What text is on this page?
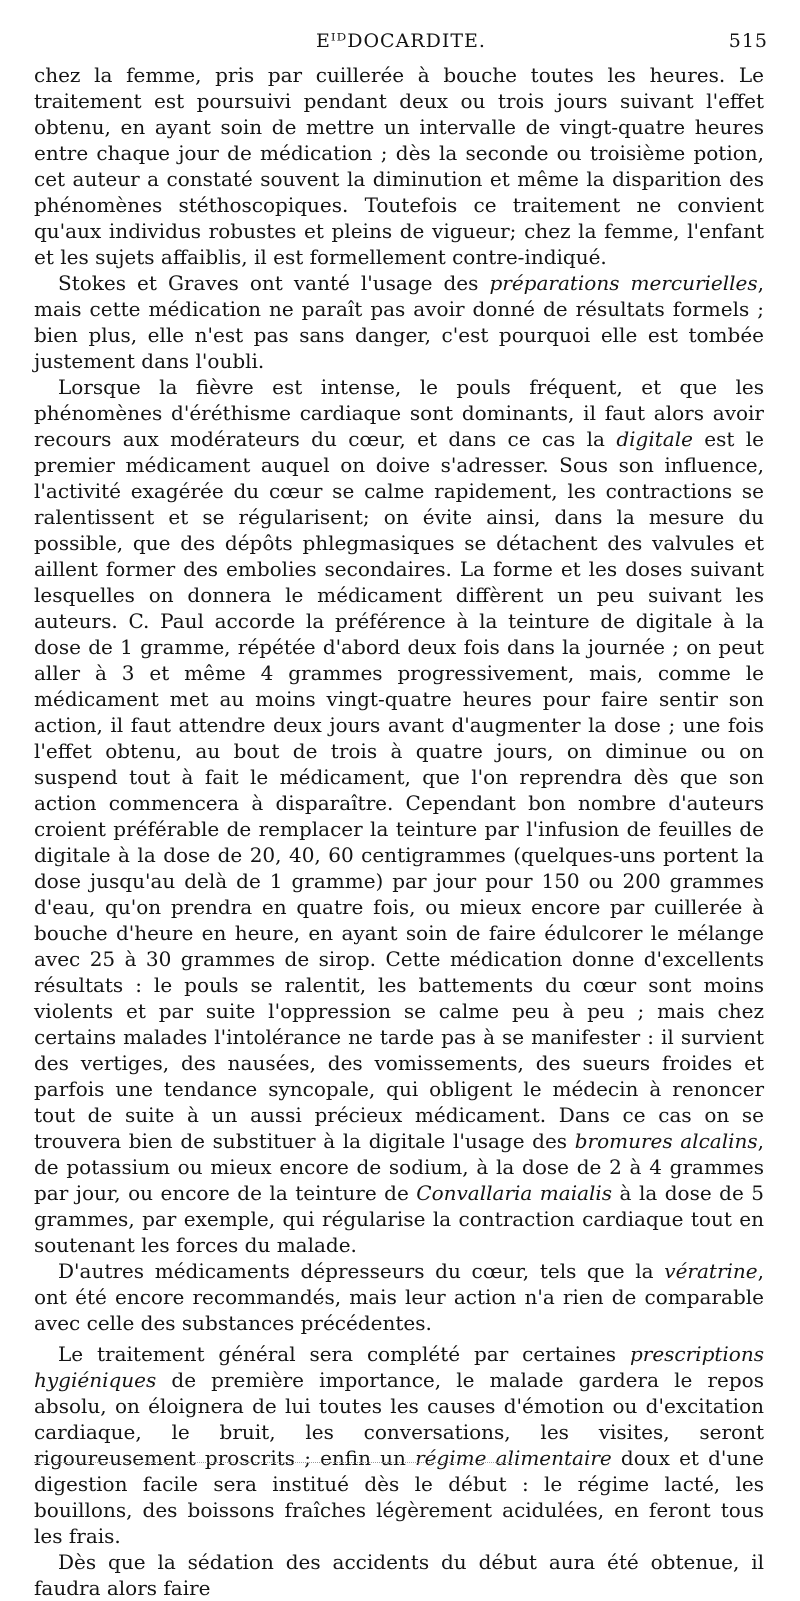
EᴵᴰDOCARDITE.	515

chez la femme, pris par cuillerée à bouche toutes les heures. Le traitement est poursuivi pendant deux ou trois jours suivant l'effet obtenu, en ayant soin de mettre un intervalle de vingt-quatre heures entre chaque jour de médication ; dès la seconde ou troisième potion, cet auteur a constaté souvent la diminution et même la disparition des phénomènes stéthoscopiques. Toutefois ce traitement ne convient qu'aux individus robustes et pleins de vigueur; chez la femme, l'enfant et les sujets affaiblis, il est formellement contre-indiqué.

Stokes et Graves ont vanté l'usage des préparations mercurielles, mais cette médication ne paraît pas avoir donné de résultats formels ; bien plus, elle n'est pas sans danger, c'est pourquoi elle est tombée justement dans l'oubli.

Lorsque la fièvre est intense, le pouls fréquent, et que les phénomènes d'éréthisme cardiaque sont dominants, il faut alors avoir recours aux modérateurs du cœur, et dans ce cas la digitale est le premier médicament auquel on doive s'adresser. Sous son influence, l'activité exagérée du cœur se calme rapidement, les contractions se ralentissent et se régularisent; on évite ainsi, dans la mesure du possible, que des dépôts phlegmasiques se détachent des valvules et aillent former des embolies secondaires. La forme et les doses suivant lesquelles on donnera le médicament diffèrent un peu suivant les auteurs. C. Paul accorde la préférence à la teinture de digitale à la dose de 1 gramme, répétée d'abord deux fois dans la journée ; on peut aller à 3 et même 4 grammes progressivement, mais, comme le médicament met au moins vingt-quatre heures pour faire sentir son action, il faut attendre deux jours avant d'augmenter la dose ; une fois l'effet obtenu, au bout de trois à quatre jours, on diminue ou on suspend tout à fait le médicament, que l'on reprendra dès que son action commencera à disparaître. Cependant bon nombre d'auteurs croient préférable de remplacer la teinture par l'infusion de feuilles de digitale à la dose de 20, 40, 60 centigrammes (quelques-uns portent la dose jusqu'au delà de 1 gramme) par jour pour 150 ou 200 grammes d'eau, qu'on prendra en quatre fois, ou mieux encore par cuillerée à bouche d'heure en heure, en ayant soin de faire édulcorer le mélange avec 25 à 30 grammes de sirop. Cette médication donne d'excellents résultats : le pouls se ralentit, les battements du cœur sont moins violents et par suite l'oppression se calme peu à peu ; mais chez certains malades l'intolérance ne tarde pas à se manifester : il survient des vertiges, des nausées, des vomissements, des sueurs froides et parfois une tendance syncopale, qui obligent le médecin à renoncer tout de suite à un aussi précieux médicament. Dans ce cas on se trouvera bien de substituer à la digitale l'usage des bromures alcalins, de potassium ou mieux encore de sodium, à la dose de 2 à 4 grammes par jour, ou encore de la teinture de Convallaria maialis à la dose de 5 grammes, par exemple, qui régularise la contraction cardiaque tout en soutenant les forces du malade.

D'autres médicaments dépresseurs du cœur, tels que la vératrine, ont été encore recommandés, mais leur action n'a rien de comparable avec celle des substances précédentes.

Le traitement général sera complété par certaines prescriptions hygiéniques de première importance, le malade gardera le repos absolu, on éloignera de lui toutes les causes d'émotion ou d'excitation cardiaque, le bruit, les conversations, les visites, seront rigoureusement proscrits ; enfin un régime alimentaire doux et d'une digestion facile sera institué dès le début : le régime lacté, les bouillons, des boissons fraîches légèrement acidulées, en feront tous les frais.

Dès que la sédation des accidents du début aura été obtenue, il faudra alors faire
